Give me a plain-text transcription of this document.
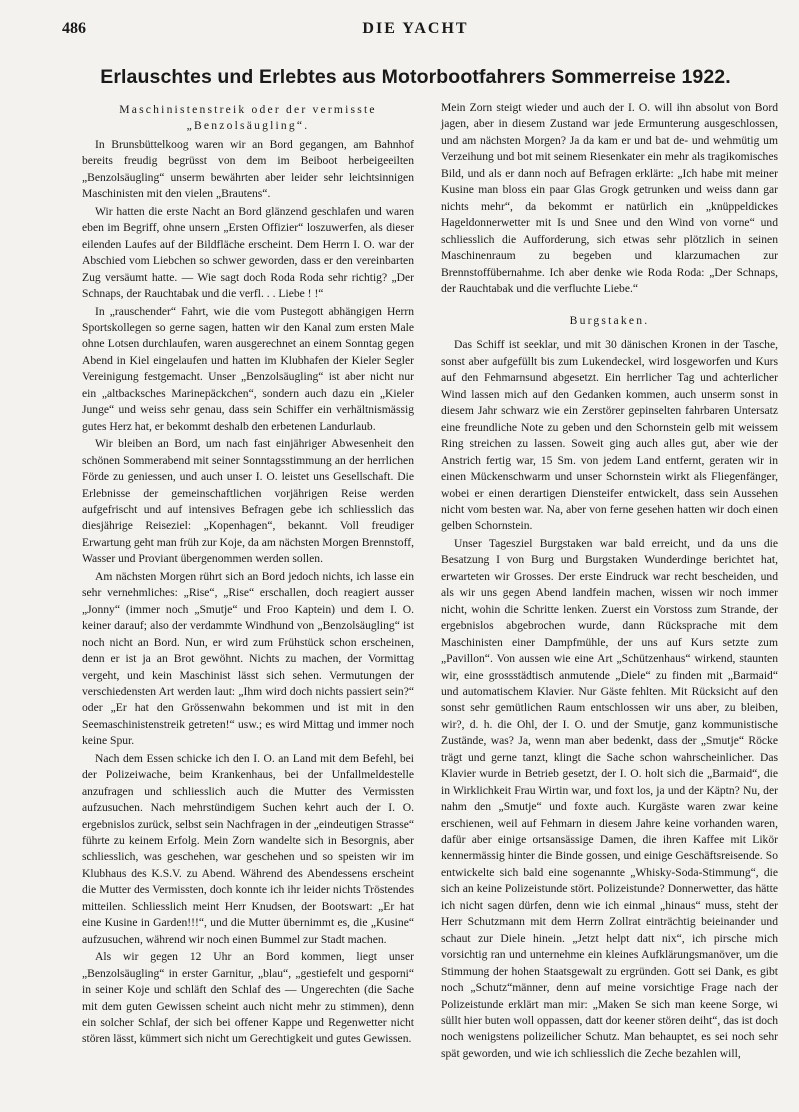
486	DIE YACHT
Erlauschtes und Erlebtes aus Motorbootfahrers Sommerreise 1922.
Maschinistenstreik oder der vermisste „Benzolsäugling“.

In Brunsbüttelkoog waren wir an Bord gegangen, am Bahnhof bereits freudig begrüsst von dem im Beiboot herbeigeeilten „Benzolsäugling“ unserm bewährten aber leider sehr leichtsinnigen Maschinisten mit den vielen „Brautens“.

Wir hatten die erste Nacht an Bord glänzend geschlafen und waren eben im Begriff, ohne unsern „Ersten Offizier“ loszuwerfen, als dieser eilenden Laufes auf der Bildfläche erscheint. Dem Herrn I. O. war der Abschied vom Liebchen so schwer geworden, dass er den vereinbarten Zug versäumt hatte. — Wie sagt doch Roda Roda sehr richtig? „Der Schnaps, der Rauchtabak und die verfl. . . Liebe ! !“

In „rauschender“ Fahrt, wie die vom Pustegott abhängigen Herrn Sportskollegen so gerne sagen, hatten wir den Kanal zum ersten Male ohne Lotsen durchlaufen, waren ausgerechnet an einem Sonntag gegen Abend in Kiel eingelaufen und hatten im Klubhafen der Kieler Segler Vereinigung festgemacht. Unser „Benzolsäugling“ ist aber nicht nur ein „altbacksches Marinepäckchen“, sondern auch dazu ein „Kieler Junge“ und weiss sehr genau, dass sein Schiffer ein verhältnismässig gutes Herz hat, er bekommt deshalb den erbetenen Landurlaub.

Wir bleiben an Bord, um nach fast einjähriger Abwesenheit den schönen Sommerabend mit seiner Sonntagsstimmung an der herrlichen Förde zu geniessen, und auch unser I. O. leistet uns Gesellschaft. Die Erlebnisse der gemeinschaftlichen vorjährigen Reise werden aufgefrischt und auf intensives Befragen gebe ich schliesslich das diesjährige Reiseziel: „Kopenhagen“, bekannt. Voll freudiger Erwartung geht man früh zur Koje, da am nächsten Morgen Brennstoff, Wasser und Proviant übergenommen werden sollen.

Am nächsten Morgen rührt sich an Bord jedoch nichts, ich lasse ein sehr vernehmliches: „Rise“, „Rise“ erschallen, doch reagiert ausser „Jonny“ (immer noch „Smutje“ und Froo Kaptein) und dem I. O. keiner darauf; also der verdammte Windhund von „Benzolsäugling“ ist noch nicht an Bord. Nun, er wird zum Frühstück schon erscheinen, denn er ist ja an Brot gewöhnt. Nichts zu machen, der Vormittag vergeht, und kein Maschinist lässt sich sehen. Vermutungen der verschiedensten Art werden laut: „Ihm wird doch nichts passiert sein?“ oder „Er hat den Grössenwahn bekommen und ist mit in den Seemaschinistenstreik getreten!“ usw.; es wird Mittag und immer noch keine Spur.

Nach dem Essen schicke ich den I. O. an Land mit dem Befehl, bei der Polizeiwache, beim Krankenhaus, bei der Unfallmeldestelle anzufragen und schliesslich auch die Mutter des Vermissten aufzusuchen. Nach mehrstündigem Suchen kehrt auch der I. O. ergebnislos zurück, selbst sein Nachfragen in der „eindeutigen Strasse“ führte zu keinem Erfolg. Mein Zorn wandelte sich in Besorgnis, aber schliesslich, was geschehen, war geschehen und so speisten wir im Klubhaus des K.S.V. zu Abend. Während des Abendessens erscheint die Mutter des Vermissten, doch konnte ich ihr leider nichts Tröstendes mitteilen. Schliesslich meint Herr Knudsen, der Bootswart: „Er hat eine Kusine in Garden!!!“, und die Mutter übernimmt es, die „Kusine“ aufzusuchen, während wir noch einen Bummel zur Stadt machen.

Als wir gegen 12 Uhr an Bord kommen, liegt unser „Benzolsäugling“ in erster Garnitur, „blau“, „gestiefelt und gesporni“ in seiner Koje und schläft den Schlaf des — Ungerechten (die Sache mit dem guten Gewissen scheint auch nicht mehr zu stimmen), denn ein solcher Schlaf, der sich bei offener Kappe und Regenwetter nicht stören lässt, kümmert sich nicht um Gerechtigkeit und gutes Gewissen.

Mein Zorn steigt wieder und auch der I. O. will ihn absolut von Bord jagen, aber in diesem Zustand war jede Ermunterung ausgeschlossen, und am nächsten Morgen? Ja da kam er und bat de- und wehmütig um Verzeihung und bot mit seinem Riesenkater ein mehr als tragikomisches Bild, und als er dann noch auf Befragen erklärte: „Ich habe mit meiner Kusine man bloss ein paar Glas Grogk getrunken und weiss dann gar nichts mehr“, da bekommt er natürlich ein „knüppeldickes Hageldonnerwetter mit Is und Snee und den Wind von vorne“ und schliesslich die Aufforderung, sich etwas sehr plötzlich in seinen Maschinenraum zu begeben und klarzumachen zur Brennstoffübernahme. Ich aber denke wie Roda Roda: „Der Schnaps, der Rauchtabak und die verfluchte Liebe.“

Burgstaken.

Das Schiff ist seeklar, und mit 30 dänischen Kronen in der Tasche, sonst aber aufgefüllt bis zum Lukendeckel, wird losgeworfen und Kurs auf den Fehmarnsund abgesetzt. Ein herrlicher Tag und achterlicher Wind lassen mich auf den Gedanken kommen, auch unserm sonst in diesem Jahr schwarz wie ein Zerstörer gepinselten fahrbaren Untersatz eine freundliche Note zu geben und den Schornstein gelb mit weissem Ring streichen zu lassen. Soweit ging auch alles gut, aber wie der Anstrich fertig war, 15 Sm. von jedem Land entfernt, geraten wir in einen Mückenschwarm und unser Schornstein wirkt als Fliegenfänger, wobei er einen derartigen Diensteifer entwickelt, dass sein Aussehen nicht vom besten war. Na, aber von ferne gesehen hatten wir doch einen gelben Schornstein.

Unser Tagesziel Burgstaken war bald erreicht, und da uns die Besatzung I von Burg und Burgstaken Wunderdinge berichtet hat, erwarteten wir Grosses. Der erste Eindruck war recht bescheiden, und als wir uns gegen Abend landfein machen, wissen wir noch immer nicht, wohin die Schritte lenken. Zuerst ein Vorstoss zum Strande, der ergebnislos abgebrochen wurde, dann Rücksprache mit dem Maschinisten einer Dampfmühle, der uns auf Kurs setzte zum „Pavillon“. Von aussen wie eine Art „Schützenhaus“ wirkend, staunten wir, eine grossstädtisch anmutende „Diele“ zu finden mit „Barmaid“ und automatischem Klavier. Nur Gäste fehlten. Mit Rücksicht auf den sonst sehr gemütlichen Raum entschlossen wir uns aber, zu bleiben, wir?, d. h. die Ohl, der I. O. und der Smutje, ganz kommunistische Zustände, was? Ja, wenn man aber bedenkt, dass der „Smutje“ Röcke trägt und gerne tanzt, klingt die Sache schon wahrscheinlicher. Das Klavier wurde in Betrieb gesetzt, der I. O. holt sich die „Barmaid“, die in Wirklichkeit Frau Wirtin war, und foxt los, ja und der Käptn? Nu, der nahm den „Smutje“ und foxte auch. Kurgäste waren zwar keine erschienen, weil auf Fehmarn in diesem Jahre keine vorhanden waren, dafür aber einige ortsansässige Damen, die ihren Kaffee mit Likör kennermässig hinter die Binde gossen, und einige Geschäftsreisende. So entwickelte sich bald eine sogenannte „Whisky-Soda-Stimmung“, die sich an keine Polizeistunde stört. Polizeistunde? Donnerwetter, das hätte ich nicht sagen dürfen, denn wie ich einmal „hinaus“ muss, steht der Herr Schutzmann mit dem Herrn Zollrat einträchtig beieinander und schaut zur Diele hinein. „Jetzt helpt datt nix“, ich pirsche mich vorsichtig ran und unternehme ein kleines Aufklärungsmanöver, um die Stimmung der hohen Staatsgewalt zu ergründen. Gott sei Dank, es gibt noch „Schutz“männer, denn auf meine vorsichtige Frage nach der Polizeistunde erklärt man mir: „Maken Se sich man keene Sorge, wi süllt hier buten woll oppassen, datt dor keener stören deiht“, das ist doch noch wenigstens polizeilicher Schutz. Man behauptet, es sei noch sehr spät geworden, und wie ich schliesslich die Zeche bezahlen will,
